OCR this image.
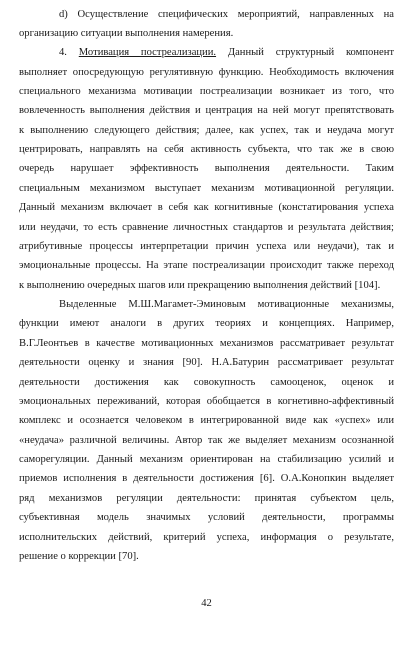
d) Осуществление специфических мероприятий, направленных на
организацию ситуации выполнения намерения.
4. Мотивация постреализации. Данный структурный компонент
выполняет опосредующую регулятивную функцию. Необходимость включения
специального механизма мотивации постреализации возникает из того, что
вовлеченность выполнения действия и центрация на ней могут препятствовать
к выполнению следующего действия; далее, как успех, так и неудача могут
центрировать, направлять на себя активность субъекта, что так же в свою
очередь нарушает эффективность выполнения деятельности. Таким
специальным механизмом выступает механизм мотивационной регуляции.
Данный механизм включает в себя как когнитивные (констатирования успеха
или неудачи, то есть сравнение личностных стандартов и результата действия;
атрибутивные процессы интерпретации причин успеха или неудачи), так и
эмоциональные процессы. На этапе постреализации происходит также переход
к выполнению очередных шагов или прекращению выполнения действий [104].
Выделенные М.Ш.Магамет-Эминовым мотивационные механизмы,
функции имеют аналоги в других теориях и концепциях. Например,
В.Г.Леонтьев в качестве мотивационных механизмов рассматривает результат
деятельности оценку и знания [90]. Н.А.Батурин рассматривает результат
деятельности достижения как совокупность самооценок, оценок и
эмоциональных переживаний, которая обобщается в когнетивно-аффективный
комплекс и осознается человеком в интегрированной виде как «успех» или
«неудача» различной величины. Автор так же выделяет механизм осознанной
саморегуляции. Данный механизм ориентирован на стабилизацию усилий и
приемов исполнения в деятельности достижения [6]. О.А.Конопкин выделяет
ряд механизмов регуляции деятельности: принятая субъектом цель,
субъективная модель значимых условий деятельности, программы
исполнительских действий, критерий успеха, информация о результате,
решение о коррекции [70].
42
